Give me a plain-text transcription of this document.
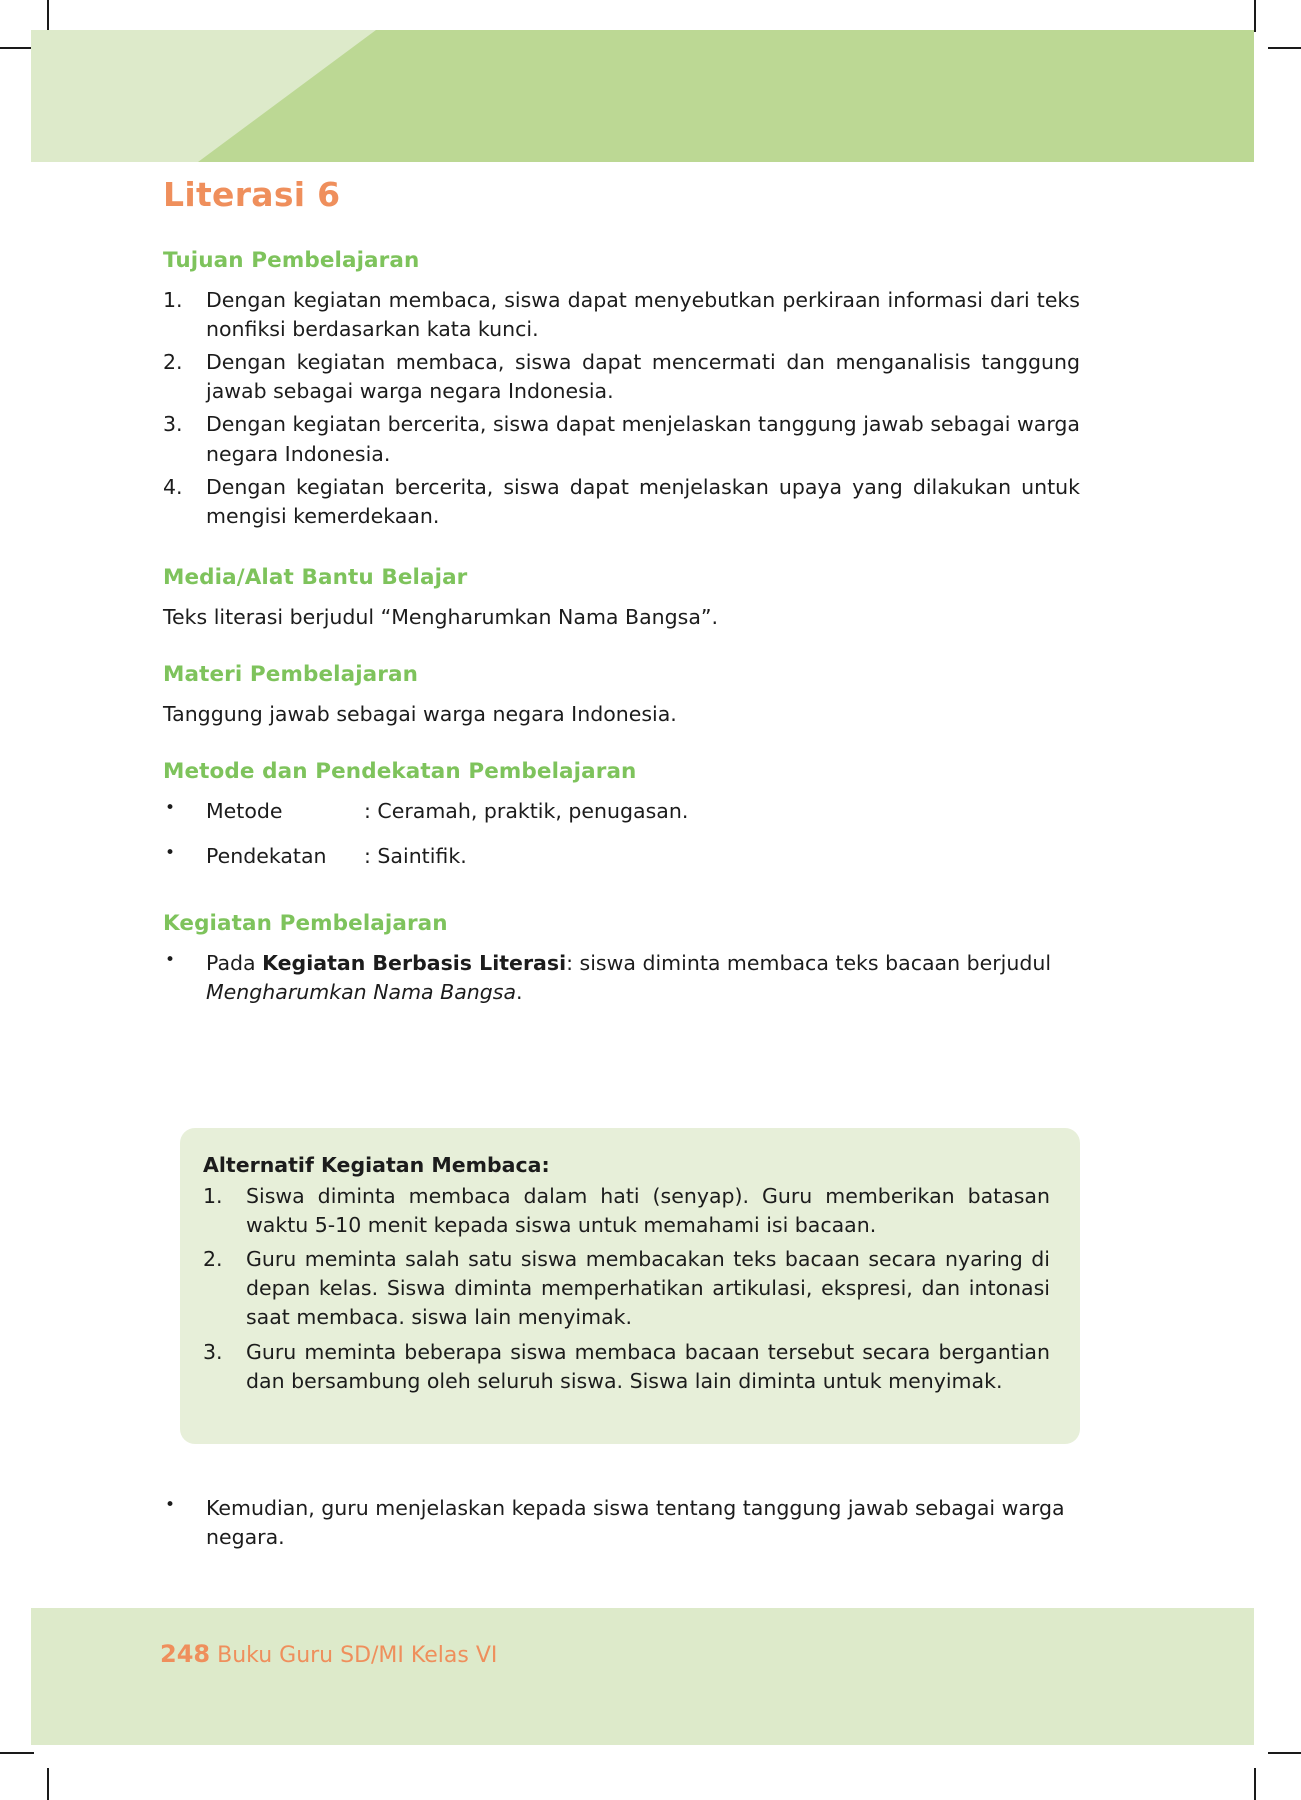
Literasi 6
Tujuan Pembelajaran
Dengan kegiatan membaca, siswa dapat menyebutkan perkiraan informasi dari teks nonfiksi berdasarkan kata kunci.
Dengan kegiatan membaca, siswa dapat mencermati dan menganalisis tanggung jawab sebagai warga negara Indonesia.
Dengan kegiatan bercerita, siswa dapat menjelaskan tanggung jawab sebagai warga negara Indonesia.
Dengan kegiatan bercerita, siswa dapat menjelaskan upaya yang dilakukan untuk mengisi kemerdekaan.
Media/Alat Bantu Belajar

Teks literasi berjudul “Mengharumkan Nama Bangsa”.

Materi Pembelajaran

Tanggung jawab sebagai warga negara Indonesia.

Metode dan Pendekatan Pembelajaran
• Metode	: Ceramah, praktik, penugasan.
• Pendekatan	: Saintifik.
Kegiatan Pembelajaran
• Pada Kegiatan Berbasis Literasi: siswa diminta membaca teks bacaan berjudul Mengharumkan Nama Bangsa.

Alternatif Kegiatan Membaca:

Siswa diminta membaca dalam hati (senyap). Guru memberikan batasan waktu 5-10 menit kepada siswa untuk memahami isi bacaan.
Guru meminta salah satu siswa membacakan teks bacaan secara nyaring di depan kelas. Siswa diminta memperhatikan artikulasi, ekspresi, dan intonasi saat membaca. siswa lain menyimak.
Guru meminta beberapa siswa membaca bacaan tersebut secara bergantian dan bersambung oleh seluruh siswa. Siswa lain diminta untuk menyimak.
• Kemudian, guru menjelaskan kepada siswa tentang tanggung jawab sebagai warga negara.
248 Buku Guru SD/MI Kelas VI
